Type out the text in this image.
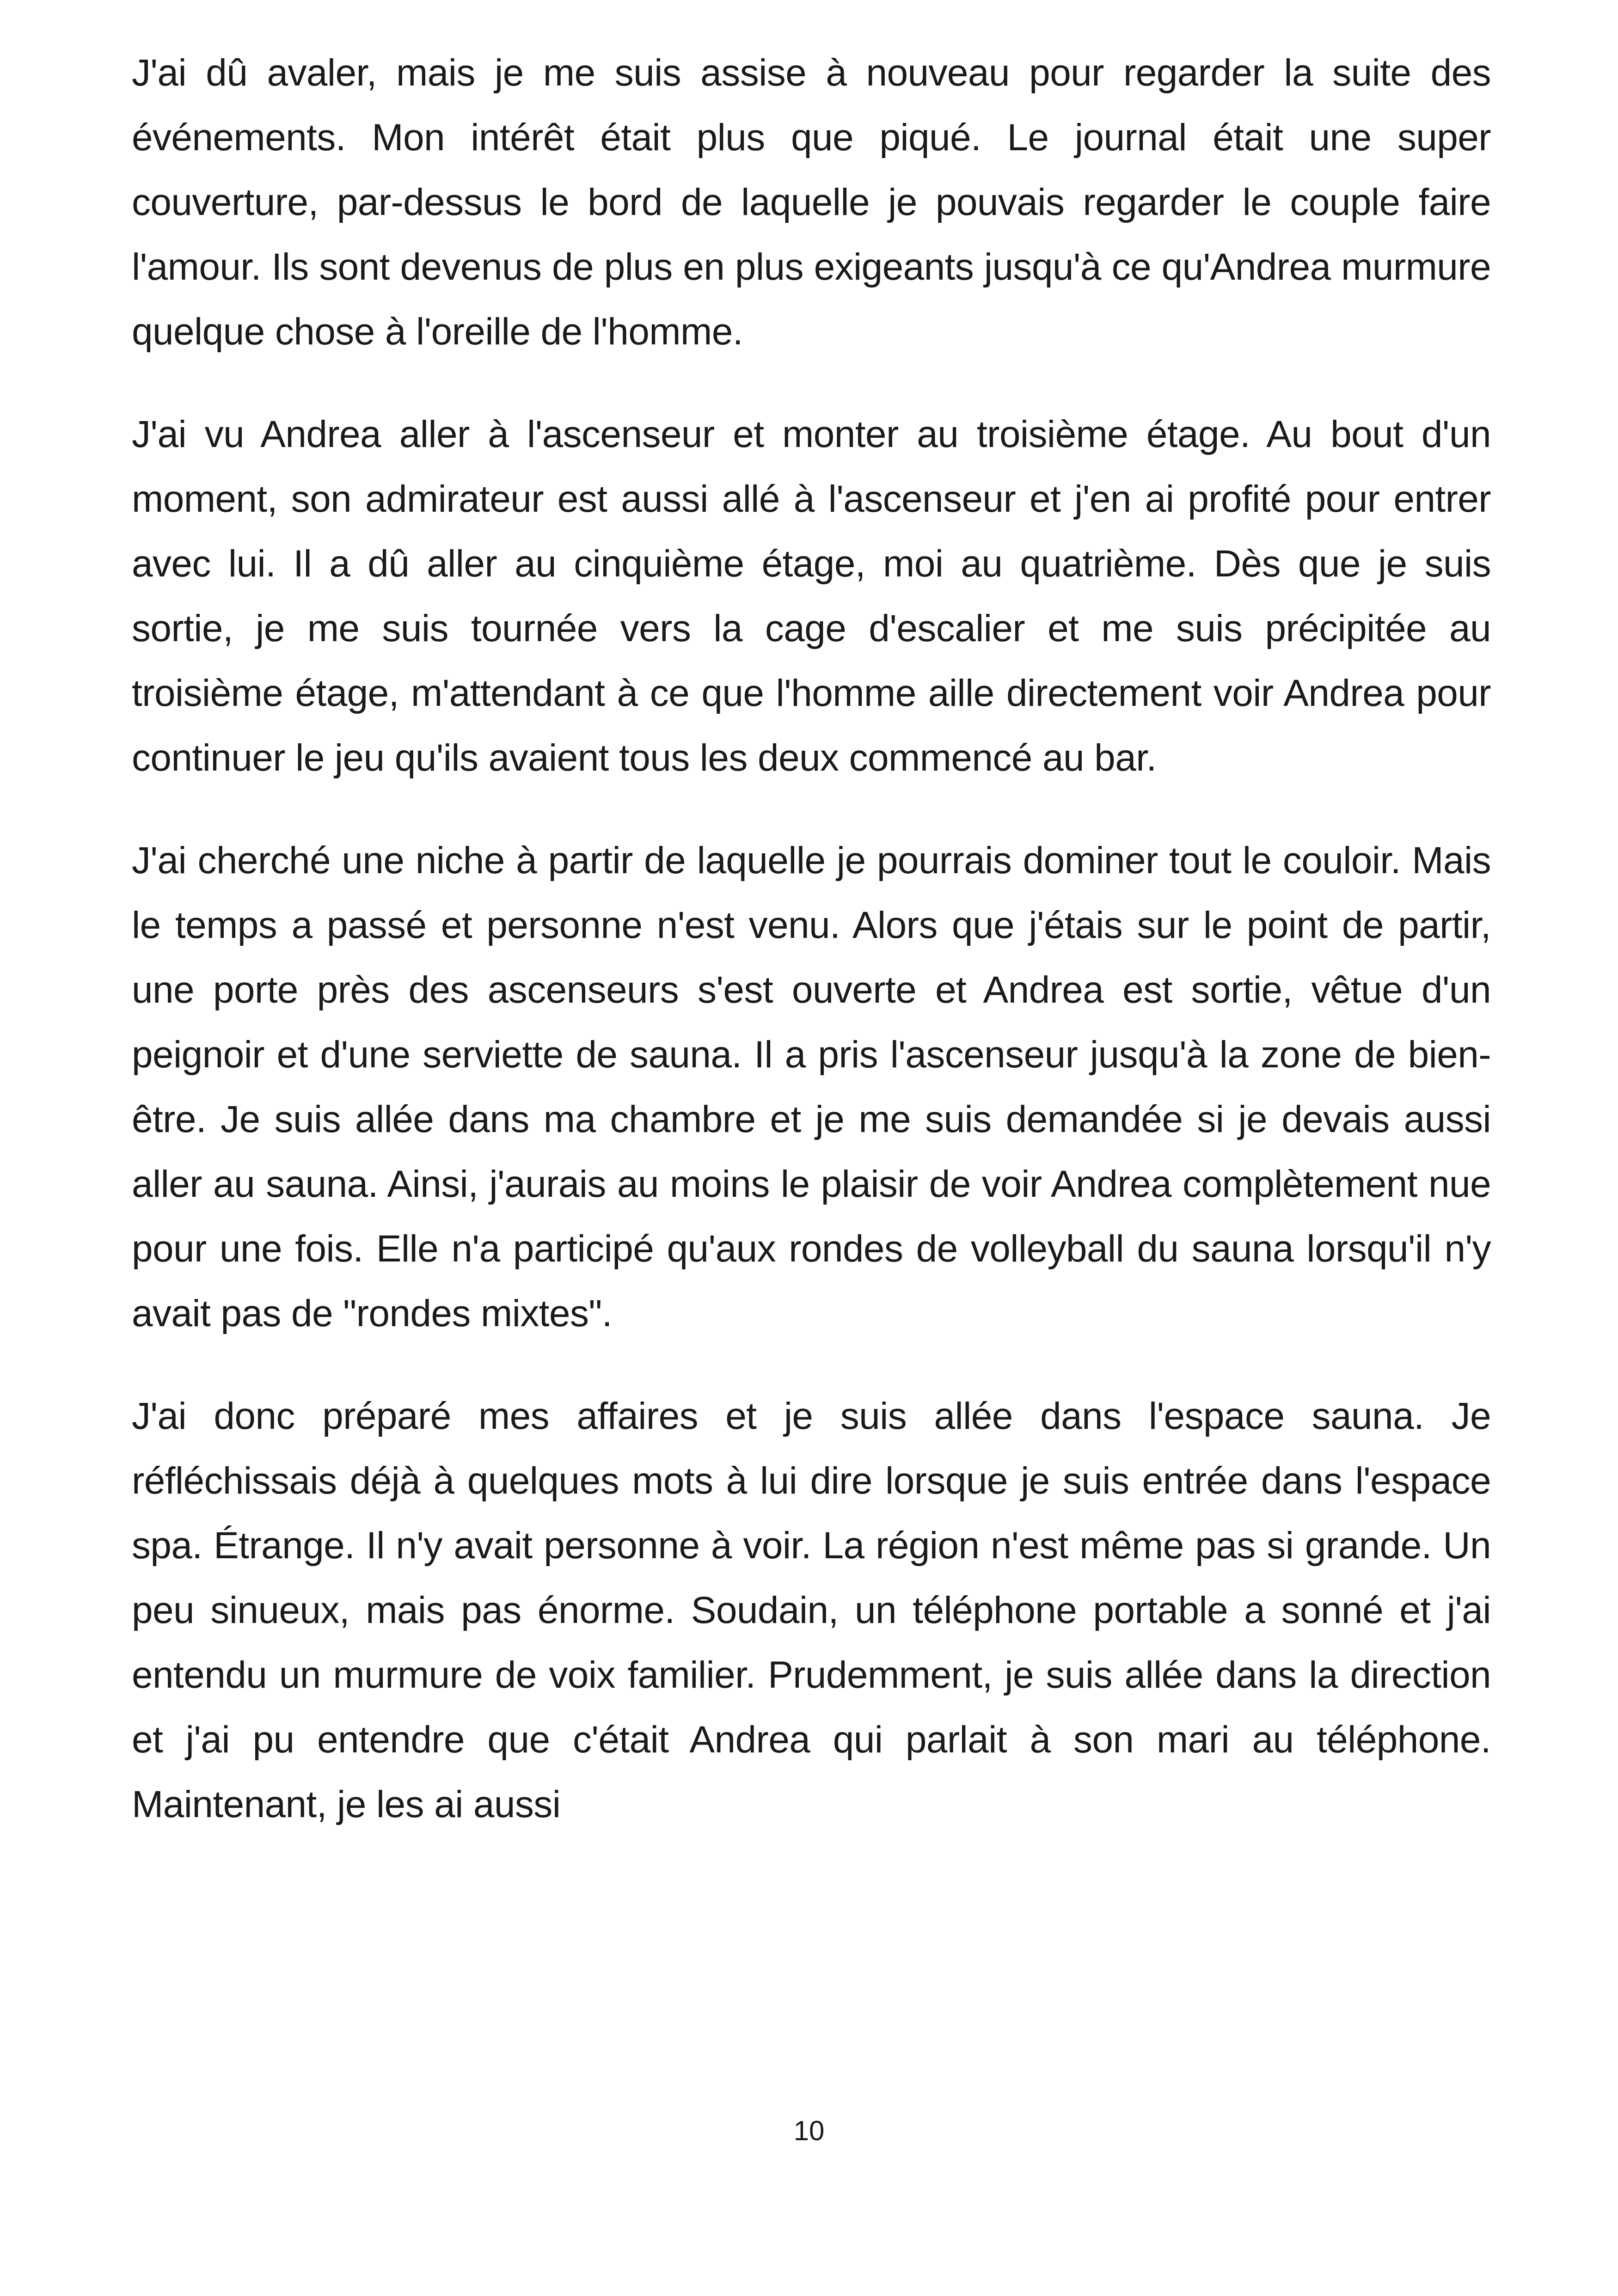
J'ai dû avaler, mais je me suis assise à nouveau pour regarder la suite des événements. Mon intérêt était plus que piqué. Le journal était une super couverture, par-dessus le bord de laquelle je pouvais regarder le couple faire l'amour. Ils sont devenus de plus en plus exigeants jusqu'à ce qu'Andrea murmure quelque chose à l'oreille de l'homme.

J'ai vu Andrea aller à l'ascenseur et monter au troisième étage. Au bout d'un moment, son admirateur est aussi allé à l'ascenseur et j'en ai profité pour entrer avec lui. Il a dû aller au cinquième étage, moi au quatrième. Dès que je suis sortie, je me suis tournée vers la cage d'escalier et me suis précipitée au troisième étage, m'attendant à ce que l'homme aille directement voir Andrea pour continuer le jeu qu'ils avaient tous les deux commencé au bar.

J'ai cherché une niche à partir de laquelle je pourrais dominer tout le couloir. Mais le temps a passé et personne n'est venu. Alors que j'étais sur le point de partir, une porte près des ascenseurs s'est ouverte et Andrea est sortie, vêtue d'un peignoir et d'une serviette de sauna. Il a pris l'ascenseur jusqu'à la zone de bien-être. Je suis allée dans ma chambre et je me suis demandée si je devais aussi aller au sauna. Ainsi, j'aurais au moins le plaisir de voir Andrea complètement nue pour une fois. Elle n'a participé qu'aux rondes de volleyball du sauna lorsqu'il n'y avait pas de "rondes mixtes".

J'ai donc préparé mes affaires et je suis allée dans l'espace sauna. Je réfléchissais déjà à quelques mots à lui dire lorsque je suis entrée dans l'espace spa. Étrange. Il n'y avait personne à voir. La région n'est même pas si grande. Un peu sinueux, mais pas énorme. Soudain, un téléphone portable a sonné et j'ai entendu un murmure de voix familier. Prudemment, je suis allée dans la direction et j'ai pu entendre que c'était Andrea qui parlait à son mari au téléphone. Maintenant, je les ai aussi

10
